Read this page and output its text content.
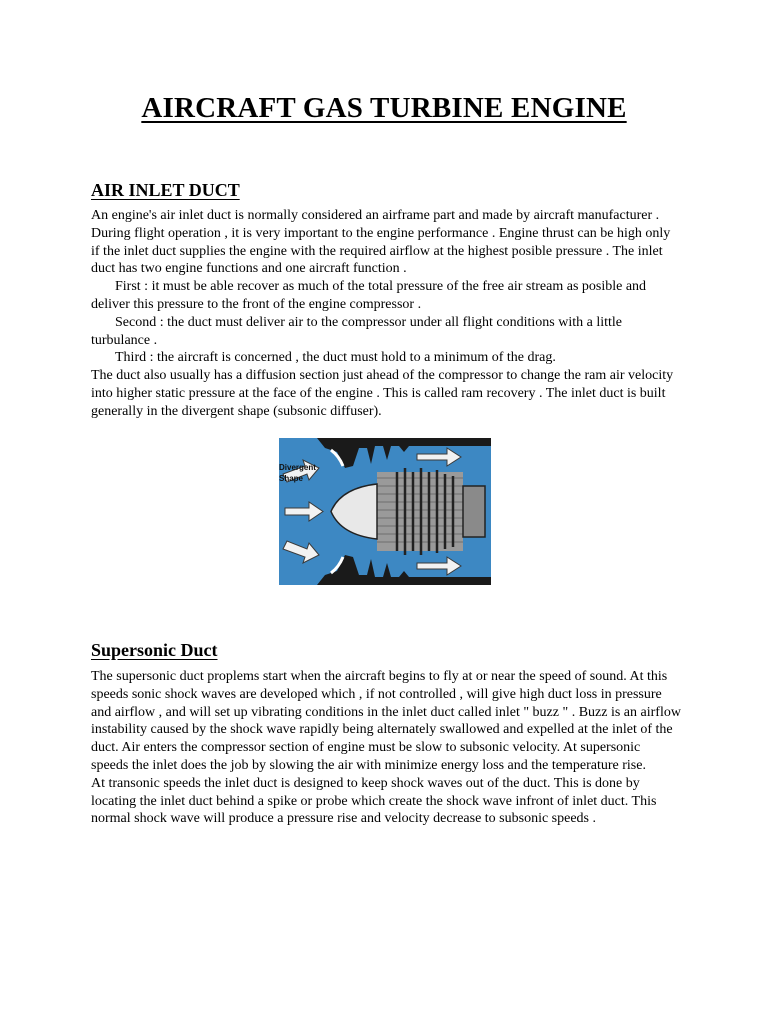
AIRCRAFT GAS TURBINE ENGINE
AIR INLET DUCT

An engine's air inlet duct is normally considered an airframe part and made by aircraft manufacturer . During flight operation , it is very important to the engine performance . Engine thrust can be high only if the inlet duct supplies the engine with the required airflow at the highest posible pressure . The inlet duct has two engine functions and one aircraft function .

First : it must be able recover as much of the total pressure of the free air stream as posible and deliver this pressure to the front of the engine compressor .

Second : the duct must deliver air to the compressor under all flight conditions with a little turbulance .

Third : the aircraft is concerned , the duct must hold to a minimum of the drag.

The duct also usually has a diffusion section just ahead of the compressor to change the ram air velocity into higher static pressure at the face of the engine . This is called ram recovery . The inlet duct is built generally in the divergent shape (subsonic diffuser).

Divergent
Shape
Supersonic Duct

The supersonic duct proplems start when the aircraft begins to fly at or near the speed of sound. At this speeds sonic shock waves are developed which , if not controlled , will give high duct loss in pressure and airflow , and will set up vibrating conditions in the inlet duct called inlet " buzz " . Buzz is an airflow instability caused by the shock wave rapidly being alternately swallowed and expelled at the inlet of the duct. Air enters the compressor section of engine must be slow to subsonic velocity. At supersonic speeds the inlet does the job by slowing the air with minimize energy loss and the temperature rise.

At transonic speeds the inlet duct is designed to keep shock waves out of the duct. This is done by locating the inlet duct behind a spike or probe which create the shock wave infront of inlet duct. This normal shock wave will produce a pressure rise and velocity decrease to subsonic speeds .
